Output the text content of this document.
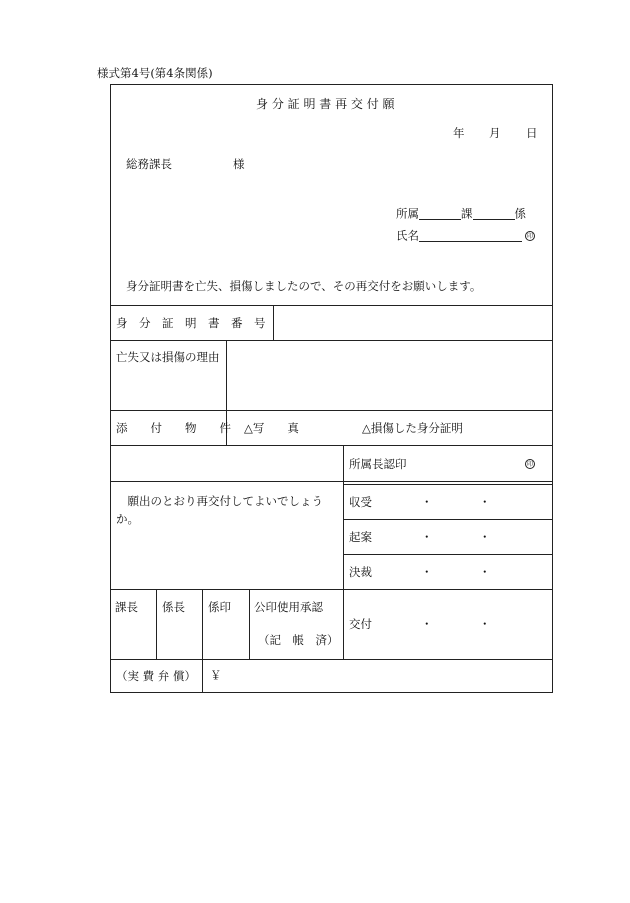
様式第4号(第4条関係)
身 分 証 明 書 再 交 付 願
年 月 日
総務課長	様
所属	課	係
氏名	印
身分証明書を亡失、損傷しましたので、その再交付をお願いします。
身　分　証　明　書　番　号
亡失又は損傷の理由
添　　付　　物　　件 △写　　真	△損傷した身分証明
所属長認印	印
　願出のとおり再交付してよいでしょう
か。
収受	・	・
起案	・	・
決裁	・	・
交付	・	・
課長 係長 係印 公印使用承認
（記　帳　済）
（実 費 弁 償） ￥
